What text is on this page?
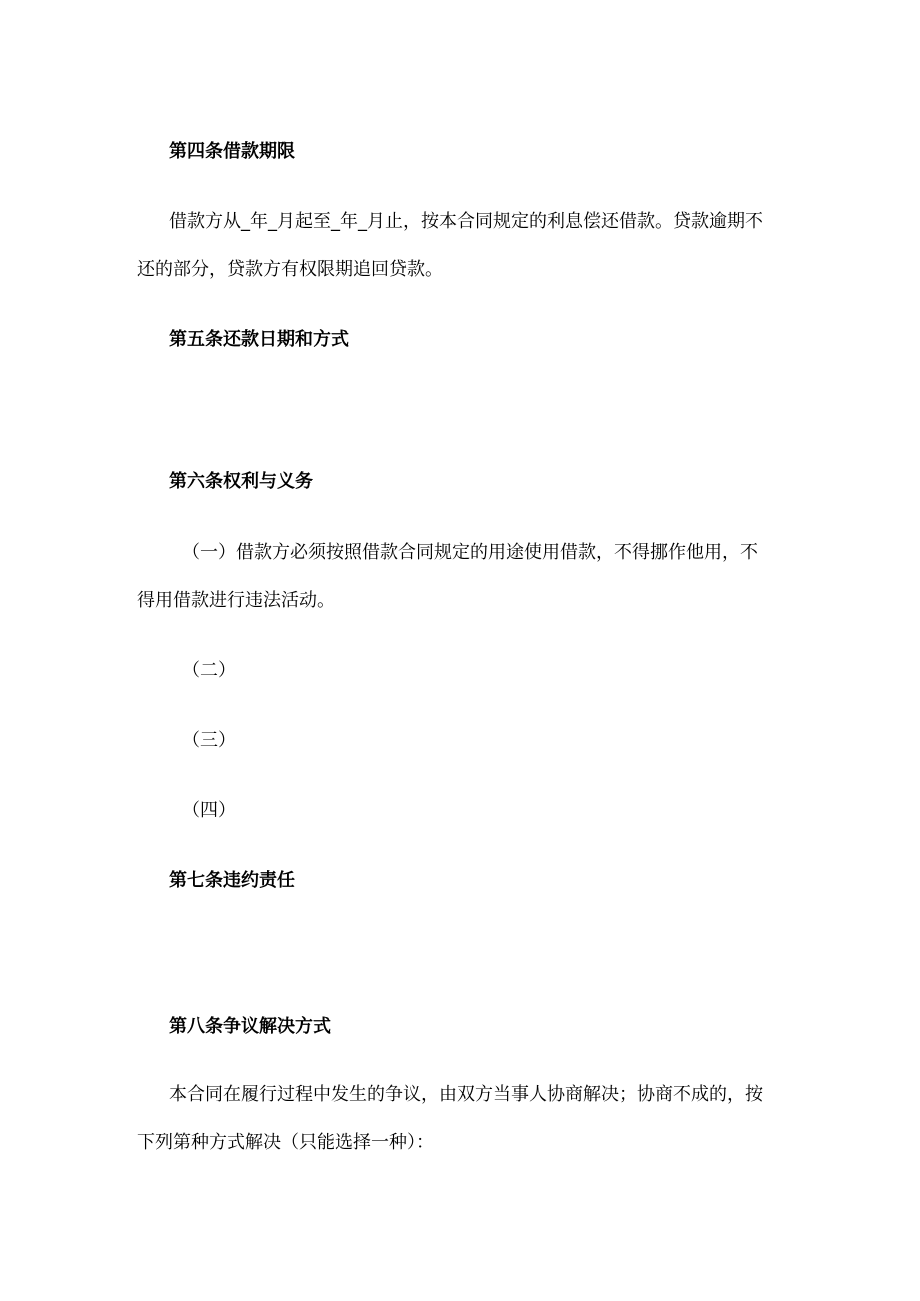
第四条借款期限

借款方从_年_月起至_年_月止，按本合同规定的利息偿还借款。贷款逾期不

还的部分，贷款方有权限期追回贷款。

第五条还款日期和方式

第六条权利与义务

（一）借款方必须按照借款合同规定的用途使用借款，不得挪作他用，不

得用借款进行违法活动。

（二）

（三）

（四）

第七条违约责任

第八条争议解决方式

本合同在履行过程中发生的争议，由双方当事人协商解决；协商不成的，按

下列第种方式解决（只能选择一种）：
